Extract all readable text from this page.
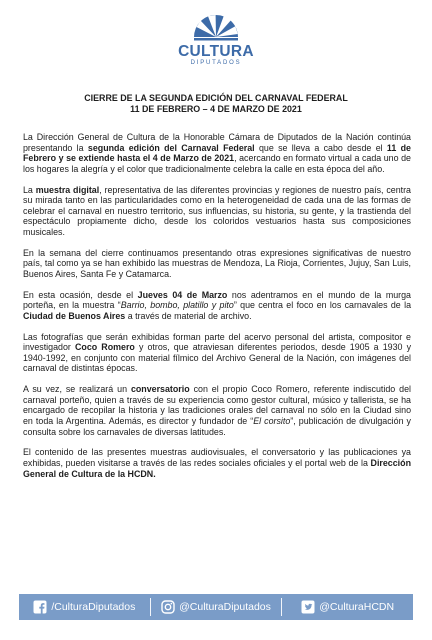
CULTURA
DIPUTADOS
CIERRE DE LA SEGUNDA EDICIÓN DEL CARNAVAL FEDERAL
11 DE FEBRERO – 4 DE MARZO DE 2021

La Dirección General de Cultura de la Honorable Cámara de Diputados de la Nación continúa presentando la segunda edición del Carnaval Federal que se lleva a cabo desde el 11 de Febrero y se extiende hasta el 4 de Marzo de 2021, acercando en formato virtual a cada uno de los hogares la alegría y el color que tradicionalmente celebra la calle en esta época del año.

La muestra digital, representativa de las diferentes provincias y regiones de nuestro país, centra su mirada tanto en las particularidades como en la heterogeneidad de cada una de las formas de celebrar el carnaval en nuestro territorio, sus influencias, su historia, su gente, y la trastienda del espectáculo propiamente dicho, desde los coloridos vestuarios hasta sus composiciones musicales.

En la semana del cierre continuamos presentando otras expresiones significativas de nuestro país, tal como ya se han exhibido las muestras de Mendoza, La Rioja, Corrientes, Jujuy, San Luis, Buenos Aires, Santa Fe y Catamarca.

En esta ocasión, desde el Jueves 04 de Marzo nos adentramos en el mundo de la murga porteña, en la muestra “Barrio, bombo, platillo y pito” que centra el foco en los carnavales de la Ciudad de Buenos Aires a través de material de archivo.

Las fotografías que serán exhibidas forman parte del acervo personal del artista, compositor e investigador Coco Romero y otros, que atraviesan diferentes periodos, desde 1905 a 1930 y 1940-1992, en conjunto con material fílmico del Archivo General de la Nación, con imágenes del carnaval de distintas épocas.

A su vez, se realizará un conversatorio con el propio Coco Romero, referente indiscutido del carnaval porteño, quien a través de su experiencia como gestor cultural, músico y tallerista, se ha encargado de recopilar la historia y las tradiciones orales del carnaval no sólo en la Ciudad sino en toda la Argentina. Además, es director y fundador de “El corsito”, publicación de divulgación y consulta sobre los carnavales de diversas latitudes.

El contenido de las presentes muestras audiovisuales, el conversatorio y las publicaciones ya exhibidas, pueden visitarse a través de las redes sociales oficiales y el portal web de la Dirección General de Cultura de la HCDN.

/CulturaDiputados	@CulturaDiputados	@CulturaHCDN
